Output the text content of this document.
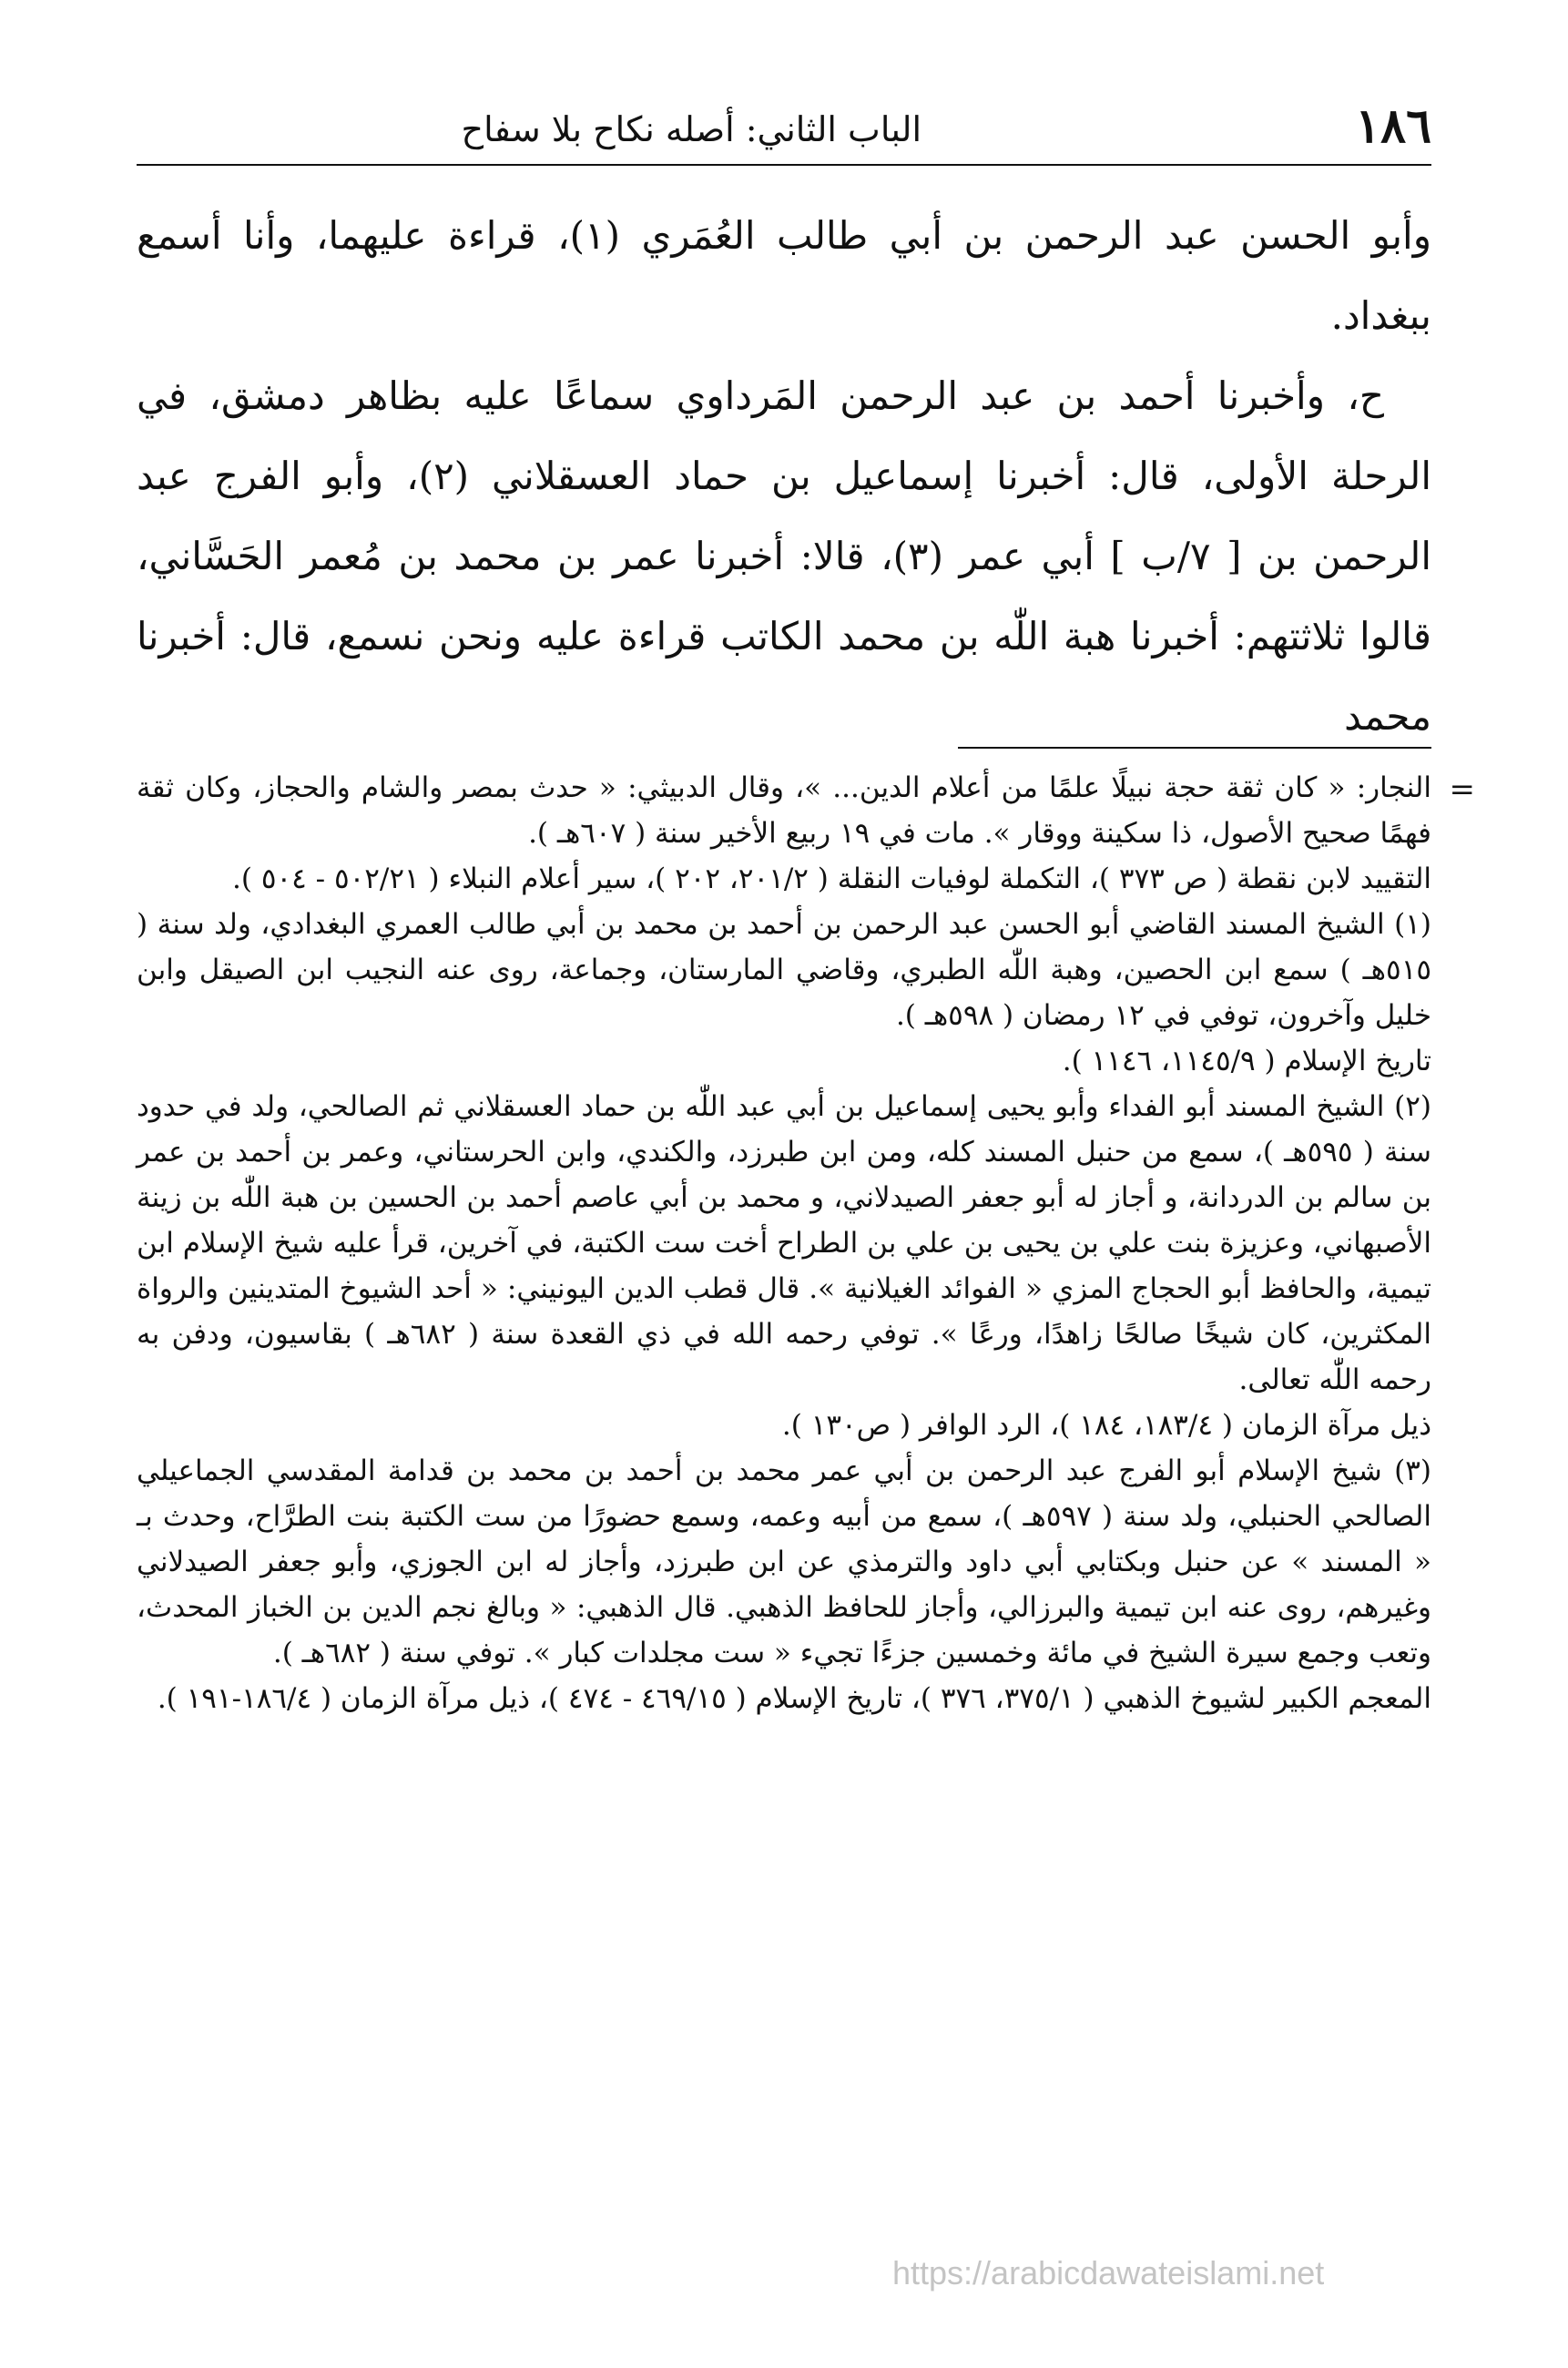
١٨٦
الباب الثاني: أصله نكاح بلا سفاح

وأبو الحسن عبد الرحمن بن أبي طالب العُمَري (١)، قراءة عليهما، وأنا أسمع ببغداد.

ح، وأخبرنا أحمد بن عبد الرحمن المَرداوي سماعًا عليه بظاهر دمشق، في الرحلة الأولى، قال: أخبرنا إسماعيل بن حماد العسقلاني (٢)، وأبو الفرج عبد الرحمن بن [ ٧/ب ] أبي عمر (٣)، قالا: أخبرنا عمر بن محمد بن مُعمر الحَسَّاني، قالوا ثلاثتهم: أخبرنا هبة اللّٰه بن محمد الكاتب قراءة عليه ونحن نسمع، قال: أخبرنا محمد

=

النجار: « كان ثقة حجة نبيلًا علمًا من أعلام الدين... »، وقال الدبيثي: « حدث بمصر والشام والحجاز، وكان ثقة فهمًا صحيح الأصول، ذا سكينة ووقار ». مات في ١٩ ربيع الأخير سنة ( ٦٠٧هـ ).

التقييد لابن نقطة ( ص ٣٧٣ )، التكملة لوفيات النقلة ( ٢٠١/٢، ٢٠٢ )، سير أعلام النبلاء ( ٥٠٢/٢١ - ٥٠٤ ).

(١) الشيخ المسند القاضي أبو الحسن عبد الرحمن بن أحمد بن محمد بن أبي طالب العمري البغدادي، ولد سنة ( ٥١٥هـ ) سمع ابن الحصين، وهبة اللّٰه الطبري، وقاضي المارستان، وجماعة، روى عنه النجيب ابن الصيقل وابن خليل وآخرون، توفي في ١٢ رمضان ( ٥٩٨هـ ).

تاريخ الإسلام ( ١١٤٥/٩، ١١٤٦ ).

(٢) الشيخ المسند أبو الفداء وأبو يحيى إسماعيل بن أبي عبد اللّٰه بن حماد العسقلاني ثم الصالحي، ولد في حدود سنة ( ٥٩٥هـ )، سمع من حنبل المسند كله، ومن ابن طبرزد، والكندي، وابن الحرستاني، وعمر بن أحمد بن عمر بن سالم بن الدردانة، و أجاز له أبو جعفر الصيدلاني، و محمد بن أبي عاصم أحمد بن الحسين بن هبة اللّٰه بن زينة الأصبهاني، وعزيزة بنت علي بن يحيى بن علي بن الطراح أخت ست الكتبة، في آخرين، قرأ عليه شيخ الإسلام ابن تيمية، والحافظ أبو الحجاج المزي « الفوائد الغيلانية ». قال قطب الدين اليونيني: « أحد الشيوخ المتدينين والرواة المكثرين، كان شيخًا صالحًا زاهدًا، ورعًا ». توفي رحمه الله في ذي القعدة سنة ( ٦٨٢هـ ) بقاسيون، ودفن به رحمه اللّٰه تعالى.

ذيل مرآة الزمان ( ١٨٣/٤، ١٨٤ )، الرد الوافر ( ص١٣٠ ).

(٣) شيخ الإسلام أبو الفرج عبد الرحمن بن أبي عمر محمد بن أحمد بن محمد بن قدامة المقدسي الجماعيلي الصالحي الحنبلي، ولد سنة ( ٥٩٧هـ )، سمع من أبيه وعمه، وسمع حضورًا من ست الكتبة بنت الطرَّاح، وحدث بـ « المسند » عن حنبل وبكتابي أبي داود والترمذي عن ابن طبرزد، وأجاز له ابن الجوزي، وأبو جعفر الصيدلاني وغيرهم، روى عنه ابن تيمية والبرزالي، وأجاز للحافظ الذهبي. قال الذهبي: « وبالغ نجم الدين بن الخباز المحدث، وتعب وجمع سيرة الشيخ في مائة وخمسين جزءًا تجيء « ست مجلدات كبار ». توفي سنة ( ٦٨٢هـ ).

المعجم الكبير لشيوخ الذهبي ( ٣٧٥/١، ٣٧٦ )، تاريخ الإسلام ( ٤٦٩/١٥ - ٤٧٤ )، ذيل مرآة الزمان ( ١٨٦/٤-١٩١ ).

https://arabicdawateislami.net
